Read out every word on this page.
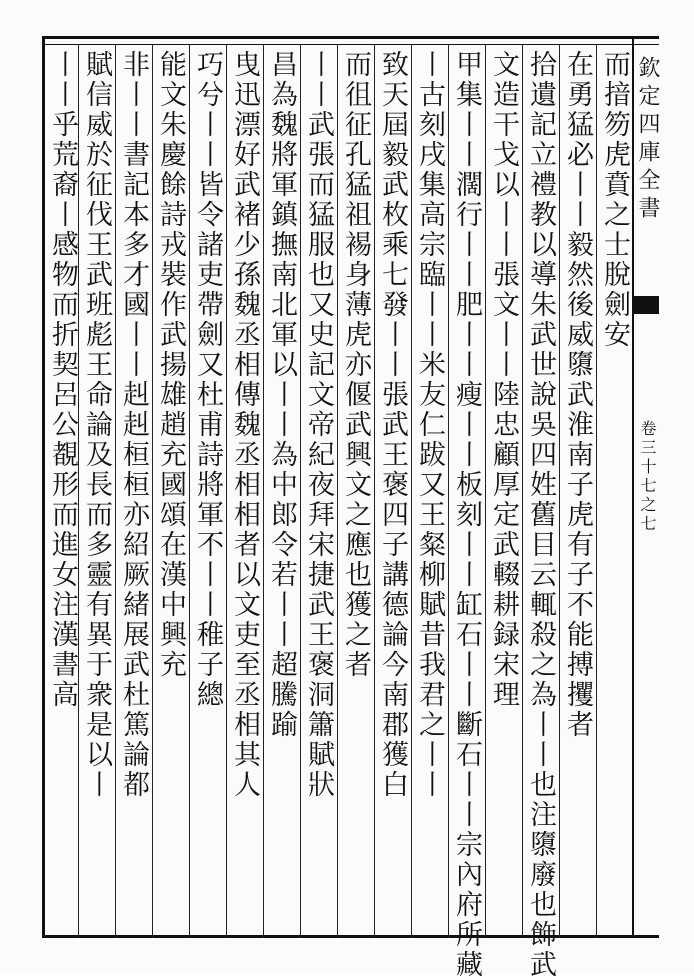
欽定四庫全書
卷三十七之七
而揞笏虎賁之士脫劍安
在勇猛必丨丨毅然後威隳武淮南子虎有子不能搏攫者
拾遺記立禮教以導朱武世說吳四姓舊目云輒殺之為丨丨也注隳廢也飾武
文造干戈以丨丨張文丨丨陸忠顧厚定武輟耕録宋理
甲集丨丨濶行丨丨肥丨丨瘦丨丨板刻丨丨缸石丨丨斷石丨丨宗內府所藏
丨古刻戌集高宗臨丨丨米友仁跋又王粲柳賦昔我君之丨丨
致天屆毅武枚乘七發丨丨張武王褒四子講德論今南郡獲白
而徂征孔猛祖裼身薄虎亦偃武興文之應也獲之者
丨丨武張而猛服也又史記文帝紀夜拜宋捷武王褒洞簫賦狀
昌為魏將軍鎮撫南北軍以丨丨為中郎令若丨丨超騰踰
曳迅漂好武褚少孫魏丞相傳魏丞相相者以文吏至丞相其人
巧兮丨丨皆令諸吏帶劍又杜甫詩將軍不丨丨稚子總
能文朱慶餘詩戎裝作武揚雄趙充國頌在漢中興充
非丨丨書記本多才國丨丨赳赳桓桓亦紹厥緒展武杜篤論都
賦信威於征伐王武班彪王命論及長而多靈有異于衆是以丨
丨丨乎荒裔丨感物而折契呂公覩形而進女注漢書高
